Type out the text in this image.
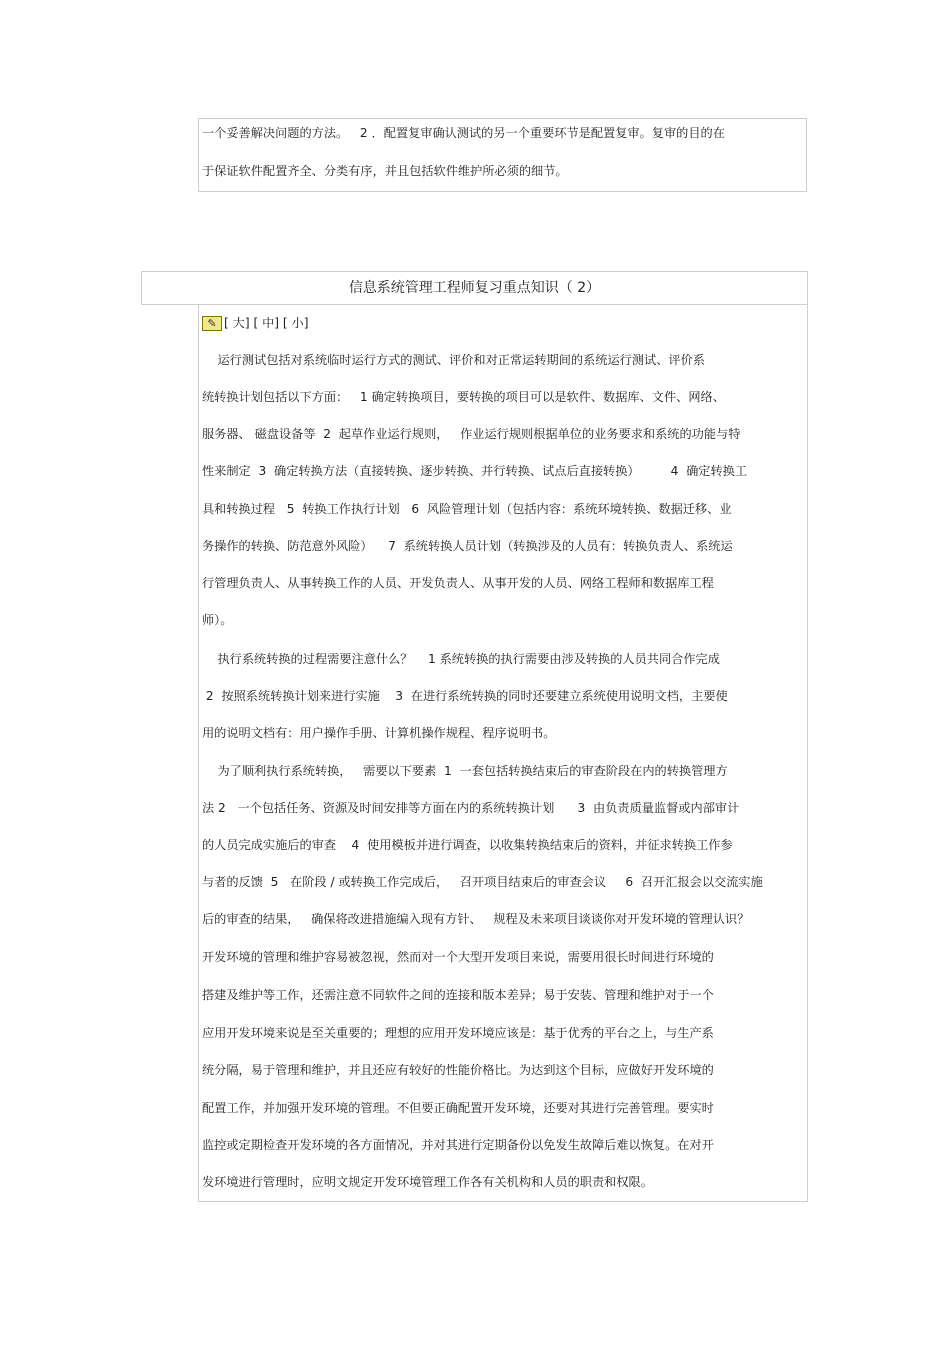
一个妥善解决问题的方法。   2 ．配置复审确认测试的另一个重要环节是配置复审。复审的目的在
于保证软件配置齐全、分类有序，并且包括软件维护所必须的细节。
信息系统管理工程师复习重点知识（ 2）
✎ [ 大] [ 中] [ 小]
运行测试包括对系统临时运行方式的测试、评价和对正常运转期间的系统运行测试、评价系
统转换计划包括以下方面：   1 确定转换项目，要转换的项目可以是软件、数据库、文件、网络、
服务器、 磁盘设备等  2  起草作业运行规则，   作业运行规则根据单位的业务要求和系统的功能与特
性来制定  3  确定转换方法（直接转换、逐步转换、并行转换、试点后直接转换）        4  确定转换工
具和转换过程   5  转换工作执行计划   6  风险管理计划（包括内容：系统环境转换、数据迁移、业
务操作的转换、防范意外风险）    7  系统转换人员计划（转换涉及的人员有：转换负责人、系统运
行管理负责人、从事转换工作的人员、开发负责人、从事开发的人员、网络工程师和数据库工程
师）。
执行系统转换的过程需要注意什么？    1 系统转换的执行需要由涉及转换的人员共同合作完成
2  按照系统转换计划来进行实施    3  在进行系统转换的同时还要建立系统使用说明文档，主要使
用的说明文档有：用户操作手册、计算机操作规程、程序说明书。
为了顺利执行系统转换，   需要以下要素  1  一套包括转换结束后的审查阶段在内的转换管理方
法 2   一个包括任务、资源及时间安排等方面在内的系统转换计划      3  由负责质量监督或内部审计
的人员完成实施后的审查    4  使用模板并进行调查，以收集转换结束后的资料，并征求转换工作参
与者的反馈  5   在阶段 / 或转换工作完成后，   召开项目结束后的审查会议     6  召开汇报会以交流实施
后的审查的结果，   确保将改进措施编入现有方针、   规程及未来项目谈谈你对开发环境的管理认识？
开发环境的管理和维护容易被忽视，然而对一个大型开发项目来说，需要用很长时间进行环境的
搭建及维护等工作，还需注意不同软件之间的连接和版本差异；易于安装、管理和维护对于一个
应用开发环境来说是至关重要的；理想的应用开发环境应该是：基于优秀的平台之上，与生产系
统分隔，易于管理和维护，并且还应有较好的性能价格比。为达到这个目标，应做好开发环境的
配置工作，并加强开发环境的管理。不但要正确配置开发环境，还要对其进行完善管理。要实时
监控或定期检查开发环境的各方面情况，并对其进行定期备份以免发生故障后难以恢复。在对开
发环境进行管理时，应明文规定开发环境管理工作各有关机构和人员的职责和权限。
